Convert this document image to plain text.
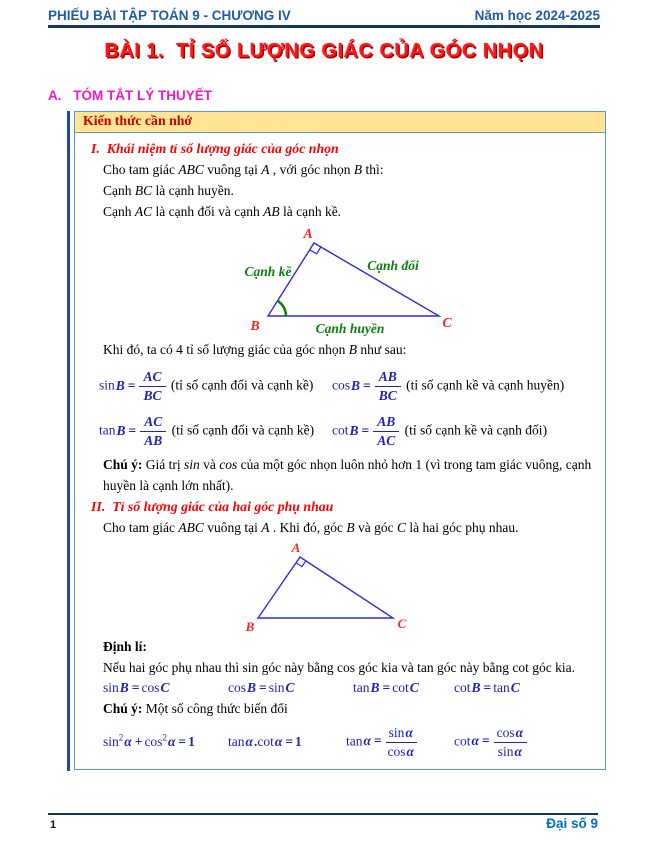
PHIẾU BÀI TẬP TOÁN 9 - CHƯƠNG IV	Năm học 2024-2025
BÀI 1.  TỈ SỐ LƯỢNG GIÁC CỦA GÓC NHỌN
A. TÓM TẮT LÝ THUYẾT
Kiến thức cần nhớ
I. Khái niệm tỉ số lượng giác của góc nhọn
Cho tam giác ABC vuông tại A , với góc nhọn B thì:
Cạnh BC là cạnh huyền.
Cạnh AC là cạnh đối và cạnh AB là cạnh kề.
A
B	C
Cạnh kề	Cạnh đối
Cạnh huyền
Khi đó, ta có 4 tỉ số lượng giác của góc nhọn B như sau:
$\sin B = \frac{AC}{BC}$ (tỉ số cạnh đối và cạnh kề)	$\cos B = \frac{AB}{BC}$ (tỉ số cạnh kề và cạnh huyền)
$\tan B = \frac{AC}{AB}$ (tỉ số cạnh đối và cạnh kề)	$\cot B = \frac{AB}{AC}$ (tỉ số cạnh kề và cạnh đối)
Chú ý: Giá trị sin và cos của một góc nhọn luôn nhỏ hơn 1 (vì trong tam giác vuông, cạnh huyền là cạnh lớn nhất).
II. Tỉ số lượng giác của hai góc phụ nhau
Cho tam giác ABC vuông tại A . Khi đó, góc B và góc C là hai góc phụ nhau.
A
B	C
Định lí:
Nếu hai góc phụ nhau thì sin góc này bằng cos góc kia và tan góc này bằng cot góc kia.
sinB = cosC	cosB = sinC	tanB = cotC	cotB = tanC
Chú ý: Một số công thức biến đổi
$\sin^2\alpha + \cos^2\alpha = 1$	tanα.cotα = 1	$\tan\alpha = \frac{\sin\alpha}{\cos\alpha}$	$\cot\alpha = \frac{\cos\alpha}{\sin\alpha}$
1	Đại số 9
